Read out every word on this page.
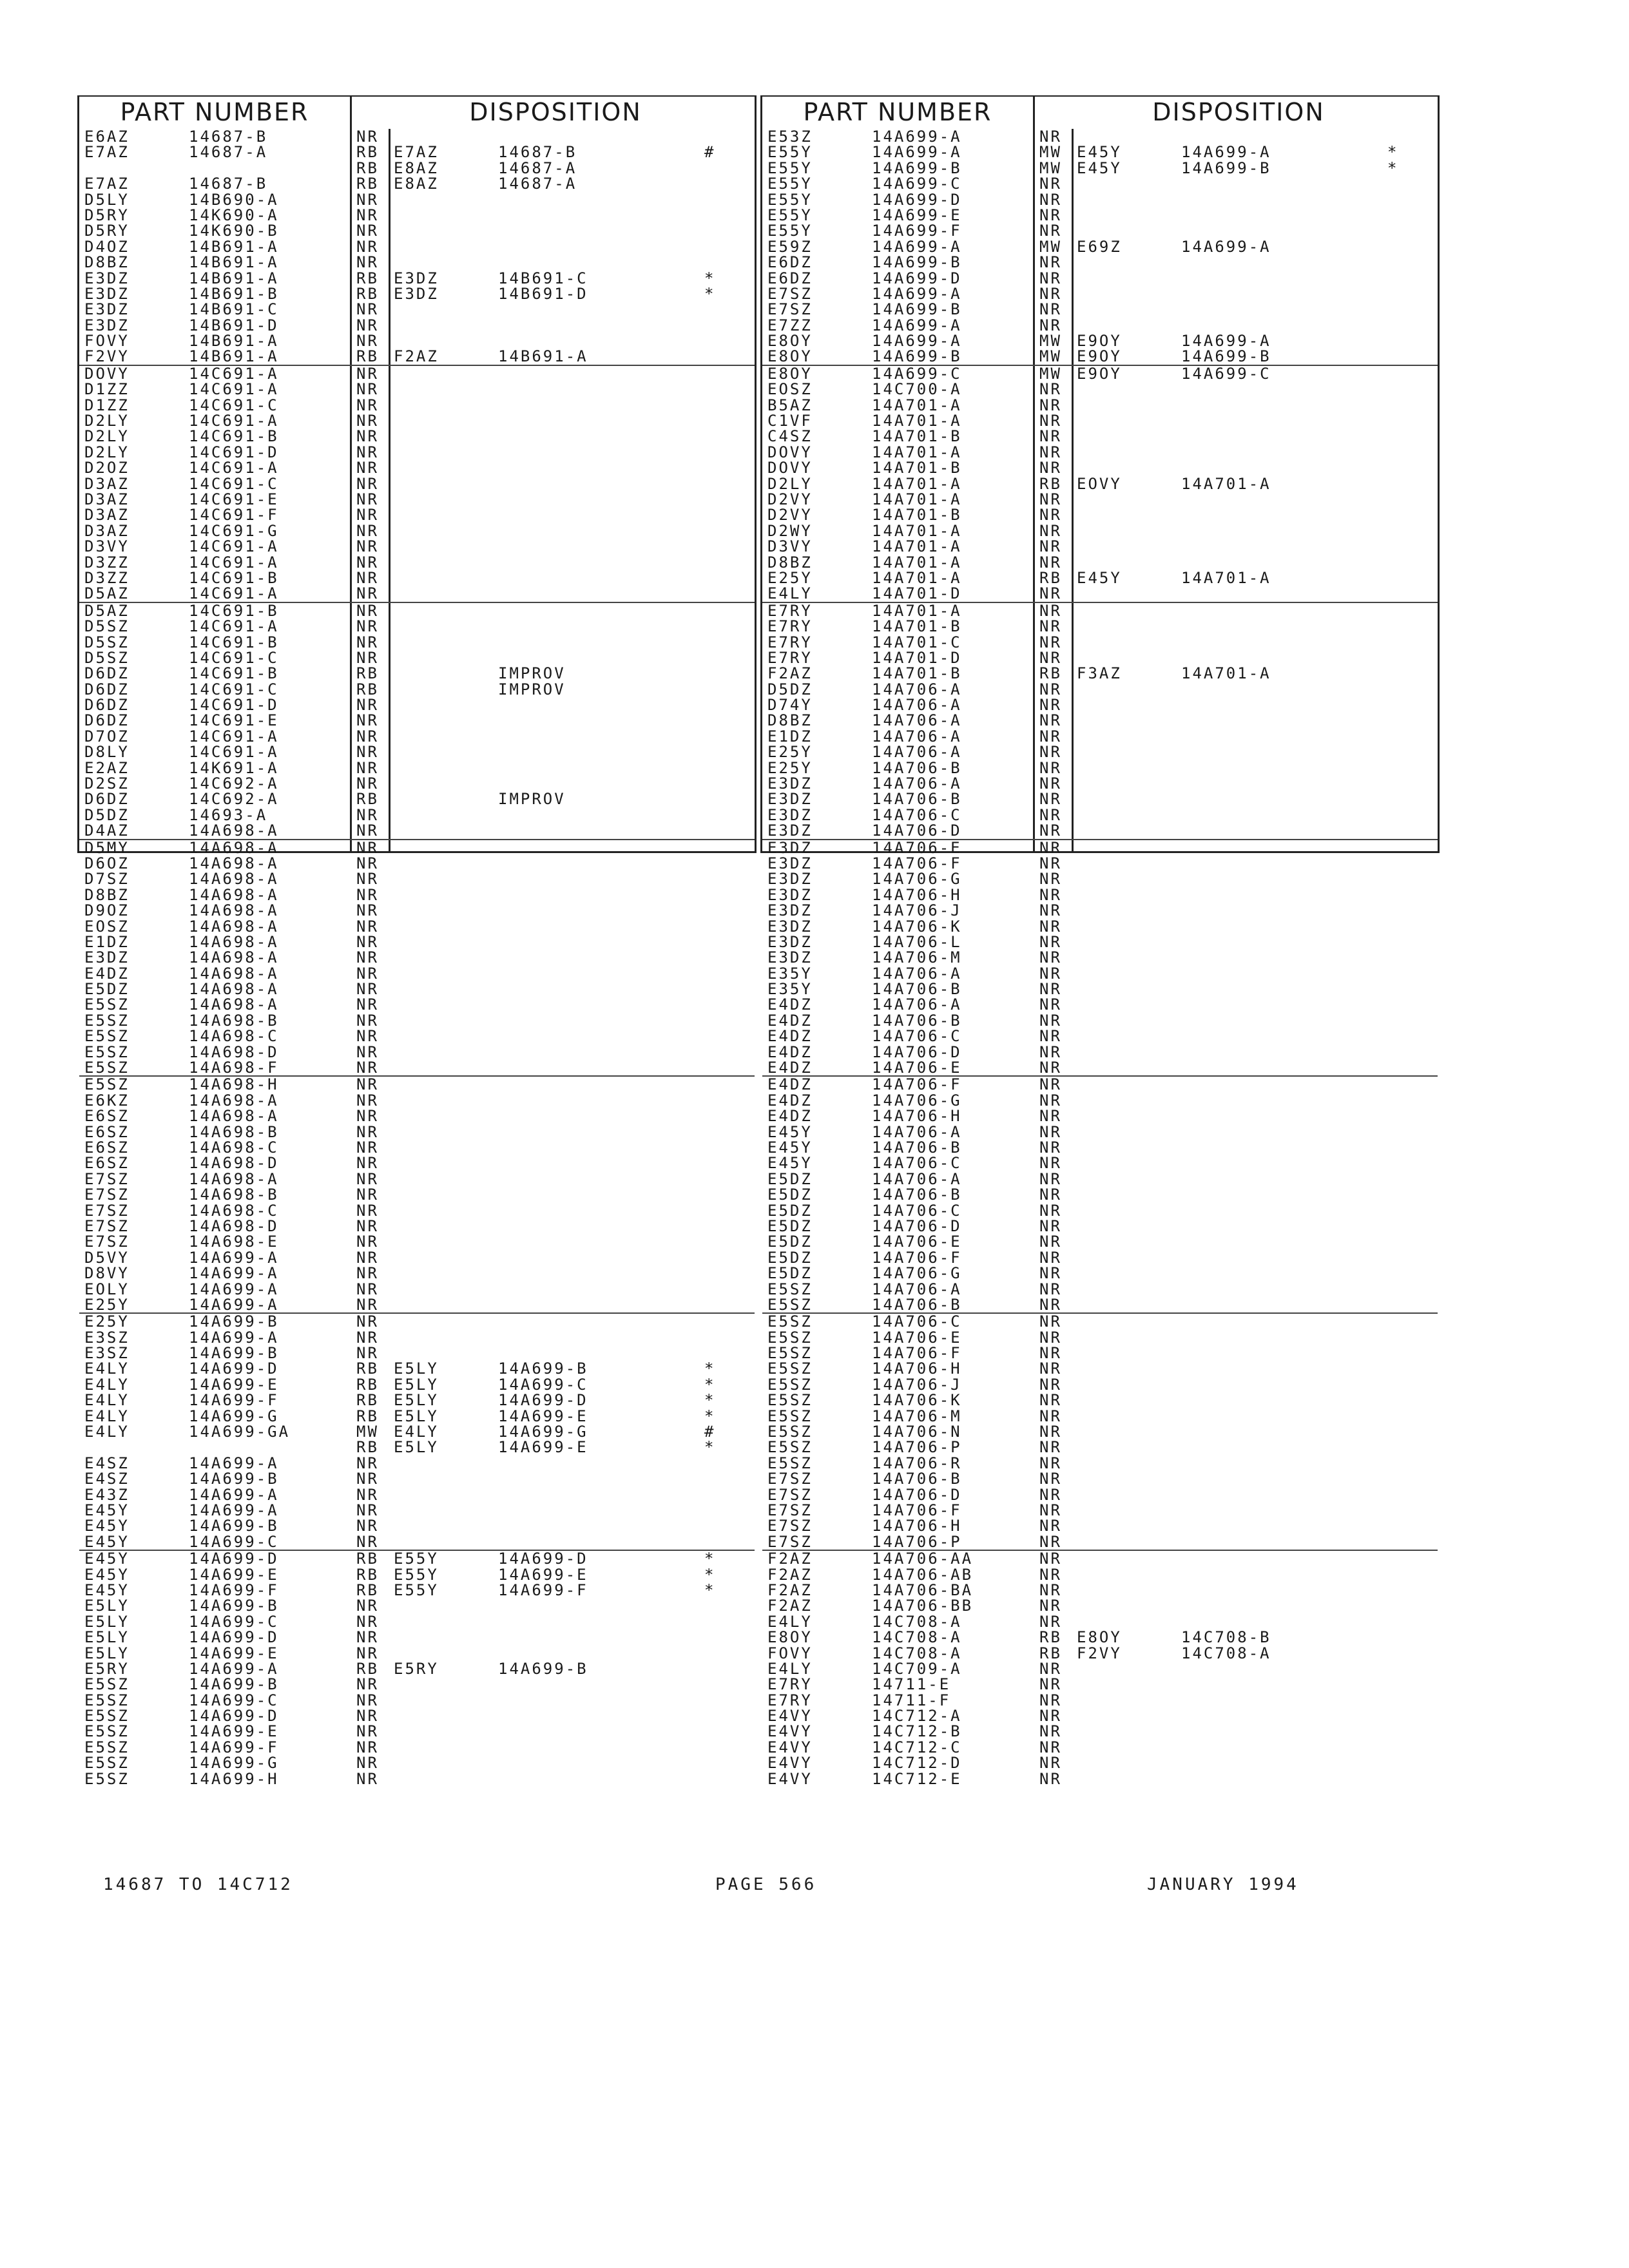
PART NUMBER	DISPOSITION
E6AZ	14687-B	NR
E7AZ	14687-A	RB E7AZ	14687-B	#
RB E8AZ	14687-A
E7AZ	14687-B	RB E8AZ	14687-A
D5LY	14B690-A	NR
D5RY	14K690-A	NR
D5RY	14K690-B	NR
D4OZ	14B691-A	NR
D8BZ	14B691-A	NR
E3DZ	14B691-A	RB E3DZ	14B691-C	*
E3DZ	14B691-B	RB E3DZ	14B691-D	*
E3DZ	14B691-C	NR
E3DZ	14B691-D	NR
FOVY	14B691-A	NR
F2VY	14B691-A	RB F2AZ	14B691-A
DOVY	14C691-A	NR
D1ZZ	14C691-A	NR
D1ZZ	14C691-C	NR
D2LY	14C691-A	NR
D2LY	14C691-B	NR
D2LY	14C691-D	NR
D2OZ	14C691-A	NR
D3AZ	14C691-C	NR
D3AZ	14C691-E	NR
D3AZ	14C691-F	NR
D3AZ	14C691-G	NR
D3VY	14C691-A	NR
D3ZZ	14C691-A	NR
D3ZZ	14C691-B	NR
D5AZ	14C691-A	NR
D5AZ	14C691-B	NR
D5SZ	14C691-A	NR
D5SZ	14C691-B	NR
D5SZ	14C691-C	NR
D6DZ	14C691-B	RB	IMPROV
D6DZ	14C691-C	RB	IMPROV
D6DZ	14C691-D	NR
D6DZ	14C691-E	NR
D7OZ	14C691-A	NR
D8LY	14C691-A	NR
E2AZ	14K691-A	NR
D2SZ	14C692-A	NR
D6DZ	14C692-A	RB	IMPROV
D5DZ	14693-A	NR
D4AZ	14A698-A	NR
D5MY	14A698-A	NR
D6OZ	14A698-A	NR
D7SZ	14A698-A	NR
D8BZ	14A698-A	NR
D9OZ	14A698-A	NR
EOSZ	14A698-A	NR
E1DZ	14A698-A	NR
E3DZ	14A698-A	NR
E4DZ	14A698-A	NR
E5DZ	14A698-A	NR
E5SZ	14A698-A	NR
E5SZ	14A698-B	NR
E5SZ	14A698-C	NR
E5SZ	14A698-D	NR
E5SZ	14A698-F	NR
E5SZ	14A698-H	NR
E6KZ	14A698-A	NR
E6SZ	14A698-A	NR
E6SZ	14A698-B	NR
E6SZ	14A698-C	NR
E6SZ	14A698-D	NR
E7SZ	14A698-A	NR
E7SZ	14A698-B	NR
E7SZ	14A698-C	NR
E7SZ	14A698-D	NR
E7SZ	14A698-E	NR
D5VY	14A699-A	NR
D8VY	14A699-A	NR
EOLY	14A699-A	NR
E25Y	14A699-A	NR
E25Y	14A699-B	NR
E3SZ	14A699-A	NR
E3SZ	14A699-B	NR
E4LY	14A699-D	RB E5LY	14A699-B	*
E4LY	14A699-E	RB E5LY	14A699-C	*
E4LY	14A699-F	RB E5LY	14A699-D	*
E4LY	14A699-G	RB E5LY	14A699-E	*
E4LY	14A699-GA	MW E4LY	14A699-G	#
RB E5LY	14A699-E	*
E4SZ	14A699-A	NR
E4SZ	14A699-B	NR
E43Z	14A699-A	NR
E45Y	14A699-A	NR
E45Y	14A699-B	NR
E45Y	14A699-C	NR
E45Y	14A699-D	RB E55Y	14A699-D	*
E45Y	14A699-E	RB E55Y	14A699-E	*
E45Y	14A699-F	RB E55Y	14A699-F	*
E5LY	14A699-B	NR
E5LY	14A699-C	NR
E5LY	14A699-D	NR
E5LY	14A699-E	NR
E5RY	14A699-A	RB E5RY	14A699-B
E5SZ	14A699-B	NR
E5SZ	14A699-C	NR
E5SZ	14A699-D	NR
E5SZ	14A699-E	NR
E5SZ	14A699-F	NR
E5SZ	14A699-G	NR
E5SZ	14A699-H	NR
PART NUMBER	DISPOSITION
E53Z	14A699-A	NR
E55Y	14A699-A	MW E45Y	14A699-A	*
E55Y	14A699-B	MW E45Y	14A699-B	*
E55Y	14A699-C	NR
E55Y	14A699-D	NR
E55Y	14A699-E	NR
E55Y	14A699-F	NR
E59Z	14A699-A	MW E69Z	14A699-A
E6DZ	14A699-B	NR
E6DZ	14A699-D	NR
E7SZ	14A699-A	NR
E7SZ	14A699-B	NR
E7ZZ	14A699-A	NR
E8OY	14A699-A	MW E9OY	14A699-A
E8OY	14A699-B	MW E9OY	14A699-B
E8OY	14A699-C	MW E9OY	14A699-C
EOSZ	14C700-A	NR
B5AZ	14A701-A	NR
C1VF	14A701-A	NR
C4SZ	14A701-B	NR
DOVY	14A701-A	NR
DOVY	14A701-B	NR
D2LY	14A701-A	RB EOVY	14A701-A
D2VY	14A701-A	NR
D2VY	14A701-B	NR
D2WY	14A701-A	NR
D3VY	14A701-A	NR
D8BZ	14A701-A	NR
E25Y	14A701-A	RB E45Y	14A701-A
E4LY	14A701-D	NR
E7RY	14A701-A	NR
E7RY	14A701-B	NR
E7RY	14A701-C	NR
E7RY	14A701-D	NR
F2AZ	14A701-B	RB F3AZ	14A701-A
D5DZ	14A706-A	NR
D74Y	14A706-A	NR
D8BZ	14A706-A	NR
E1DZ	14A706-A	NR
E25Y	14A706-A	NR
E25Y	14A706-B	NR
E3DZ	14A706-A	NR
E3DZ	14A706-B	NR
E3DZ	14A706-C	NR
E3DZ	14A706-D	NR
E3DZ	14A706-E	NR
E3DZ	14A706-F	NR
E3DZ	14A706-G	NR
E3DZ	14A706-H	NR
E3DZ	14A706-J	NR
E3DZ	14A706-K	NR
E3DZ	14A706-L	NR
E3DZ	14A706-M	NR
E35Y	14A706-A	NR
E35Y	14A706-B	NR
E4DZ	14A706-A	NR
E4DZ	14A706-B	NR
E4DZ	14A706-C	NR
E4DZ	14A706-D	NR
E4DZ	14A706-E	NR
E4DZ	14A706-F	NR
E4DZ	14A706-G	NR
E4DZ	14A706-H	NR
E45Y	14A706-A	NR
E45Y	14A706-B	NR
E45Y	14A706-C	NR
E5DZ	14A706-A	NR
E5DZ	14A706-B	NR
E5DZ	14A706-C	NR
E5DZ	14A706-D	NR
E5DZ	14A706-E	NR
E5DZ	14A706-F	NR
E5DZ	14A706-G	NR
E5SZ	14A706-A	NR
E5SZ	14A706-B	NR
E5SZ	14A706-C	NR
E5SZ	14A706-E	NR
E5SZ	14A706-F	NR
E5SZ	14A706-H	NR
E5SZ	14A706-J	NR
E5SZ	14A706-K	NR
E5SZ	14A706-M	NR
E5SZ	14A706-N	NR
E5SZ	14A706-P	NR
E5SZ	14A706-R	NR
E7SZ	14A706-B	NR
E7SZ	14A706-D	NR
E7SZ	14A706-F	NR
E7SZ	14A706-H	NR
E7SZ	14A706-P	NR
F2AZ	14A706-AA	NR
F2AZ	14A706-AB	NR
F2AZ	14A706-BA	NR
F2AZ	14A706-BB	NR
E4LY	14C708-A	NR
E8OY	14C708-A	RB E8OY	14C708-B
FOVY	14C708-A	RB F2VY	14C708-A
E4LY	14C709-A	NR
E7RY	14711-E	NR
E7RY	14711-F	NR
E4VY	14C712-A	NR
E4VY	14C712-B	NR
E4VY	14C712-C	NR
E4VY	14C712-D	NR
E4VY	14C712-E	NR
14687 TO 14C712	PAGE 566	JANUARY 1994
